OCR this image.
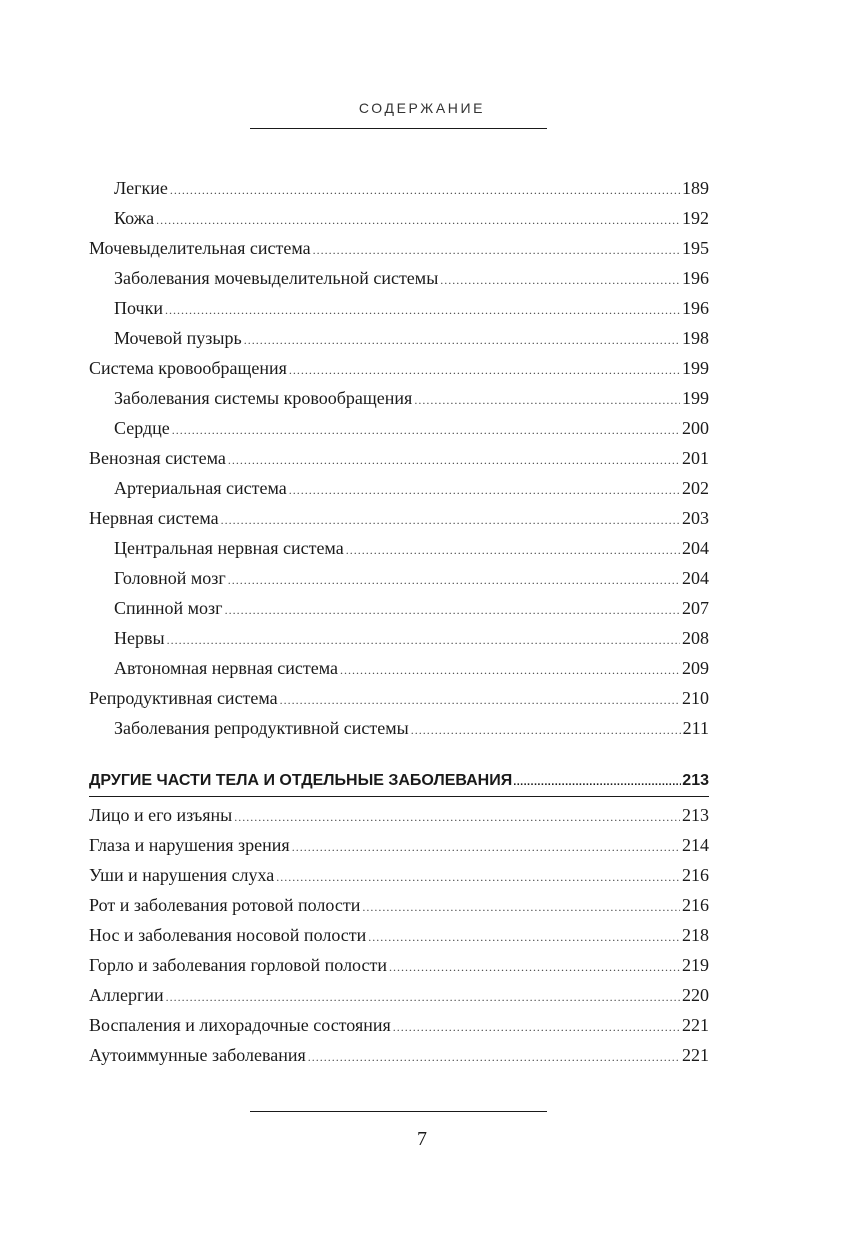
СОДЕРЖАНИЕ
Легкие .....	189
Кожа .....	192
Мочевыделительная система .....	195
Заболевания мочевыделительной системы .....	196
Почки .....	196
Мочевой пузырь .....	198
Система кровообращения .....	199
Заболевания системы кровообращения .....	199
Сердце .....	200
Венозная система .....	201
Артериальная система .....	202
Нервная система .....	203
Центральная нервная система .....	204
Головной мозг .....	204
Спинной мозг .....	207
Нервы .....	208
Автономная нервная система .....	209
Репродуктивная система .....	210
Заболевания репродуктивной системы .....	211
ДРУГИЕ ЧАСТИ ТЕЛА И ОТДЕЛЬНЫЕ ЗАБОЛЕВАНИЯ .....	213
Лицо и его изъяны .....	213
Глаза и нарушения зрения .....	214
Уши и нарушения слуха .....	216
Рот и заболевания ротовой полости .....	216
Нос и заболевания носовой полости .....	218
Горло и заболевания горловой полости .....	219
Аллергии .....	220
Воспаления и лихорадочные состояния .....	221
Аутоиммунные заболевания .....	221
7
